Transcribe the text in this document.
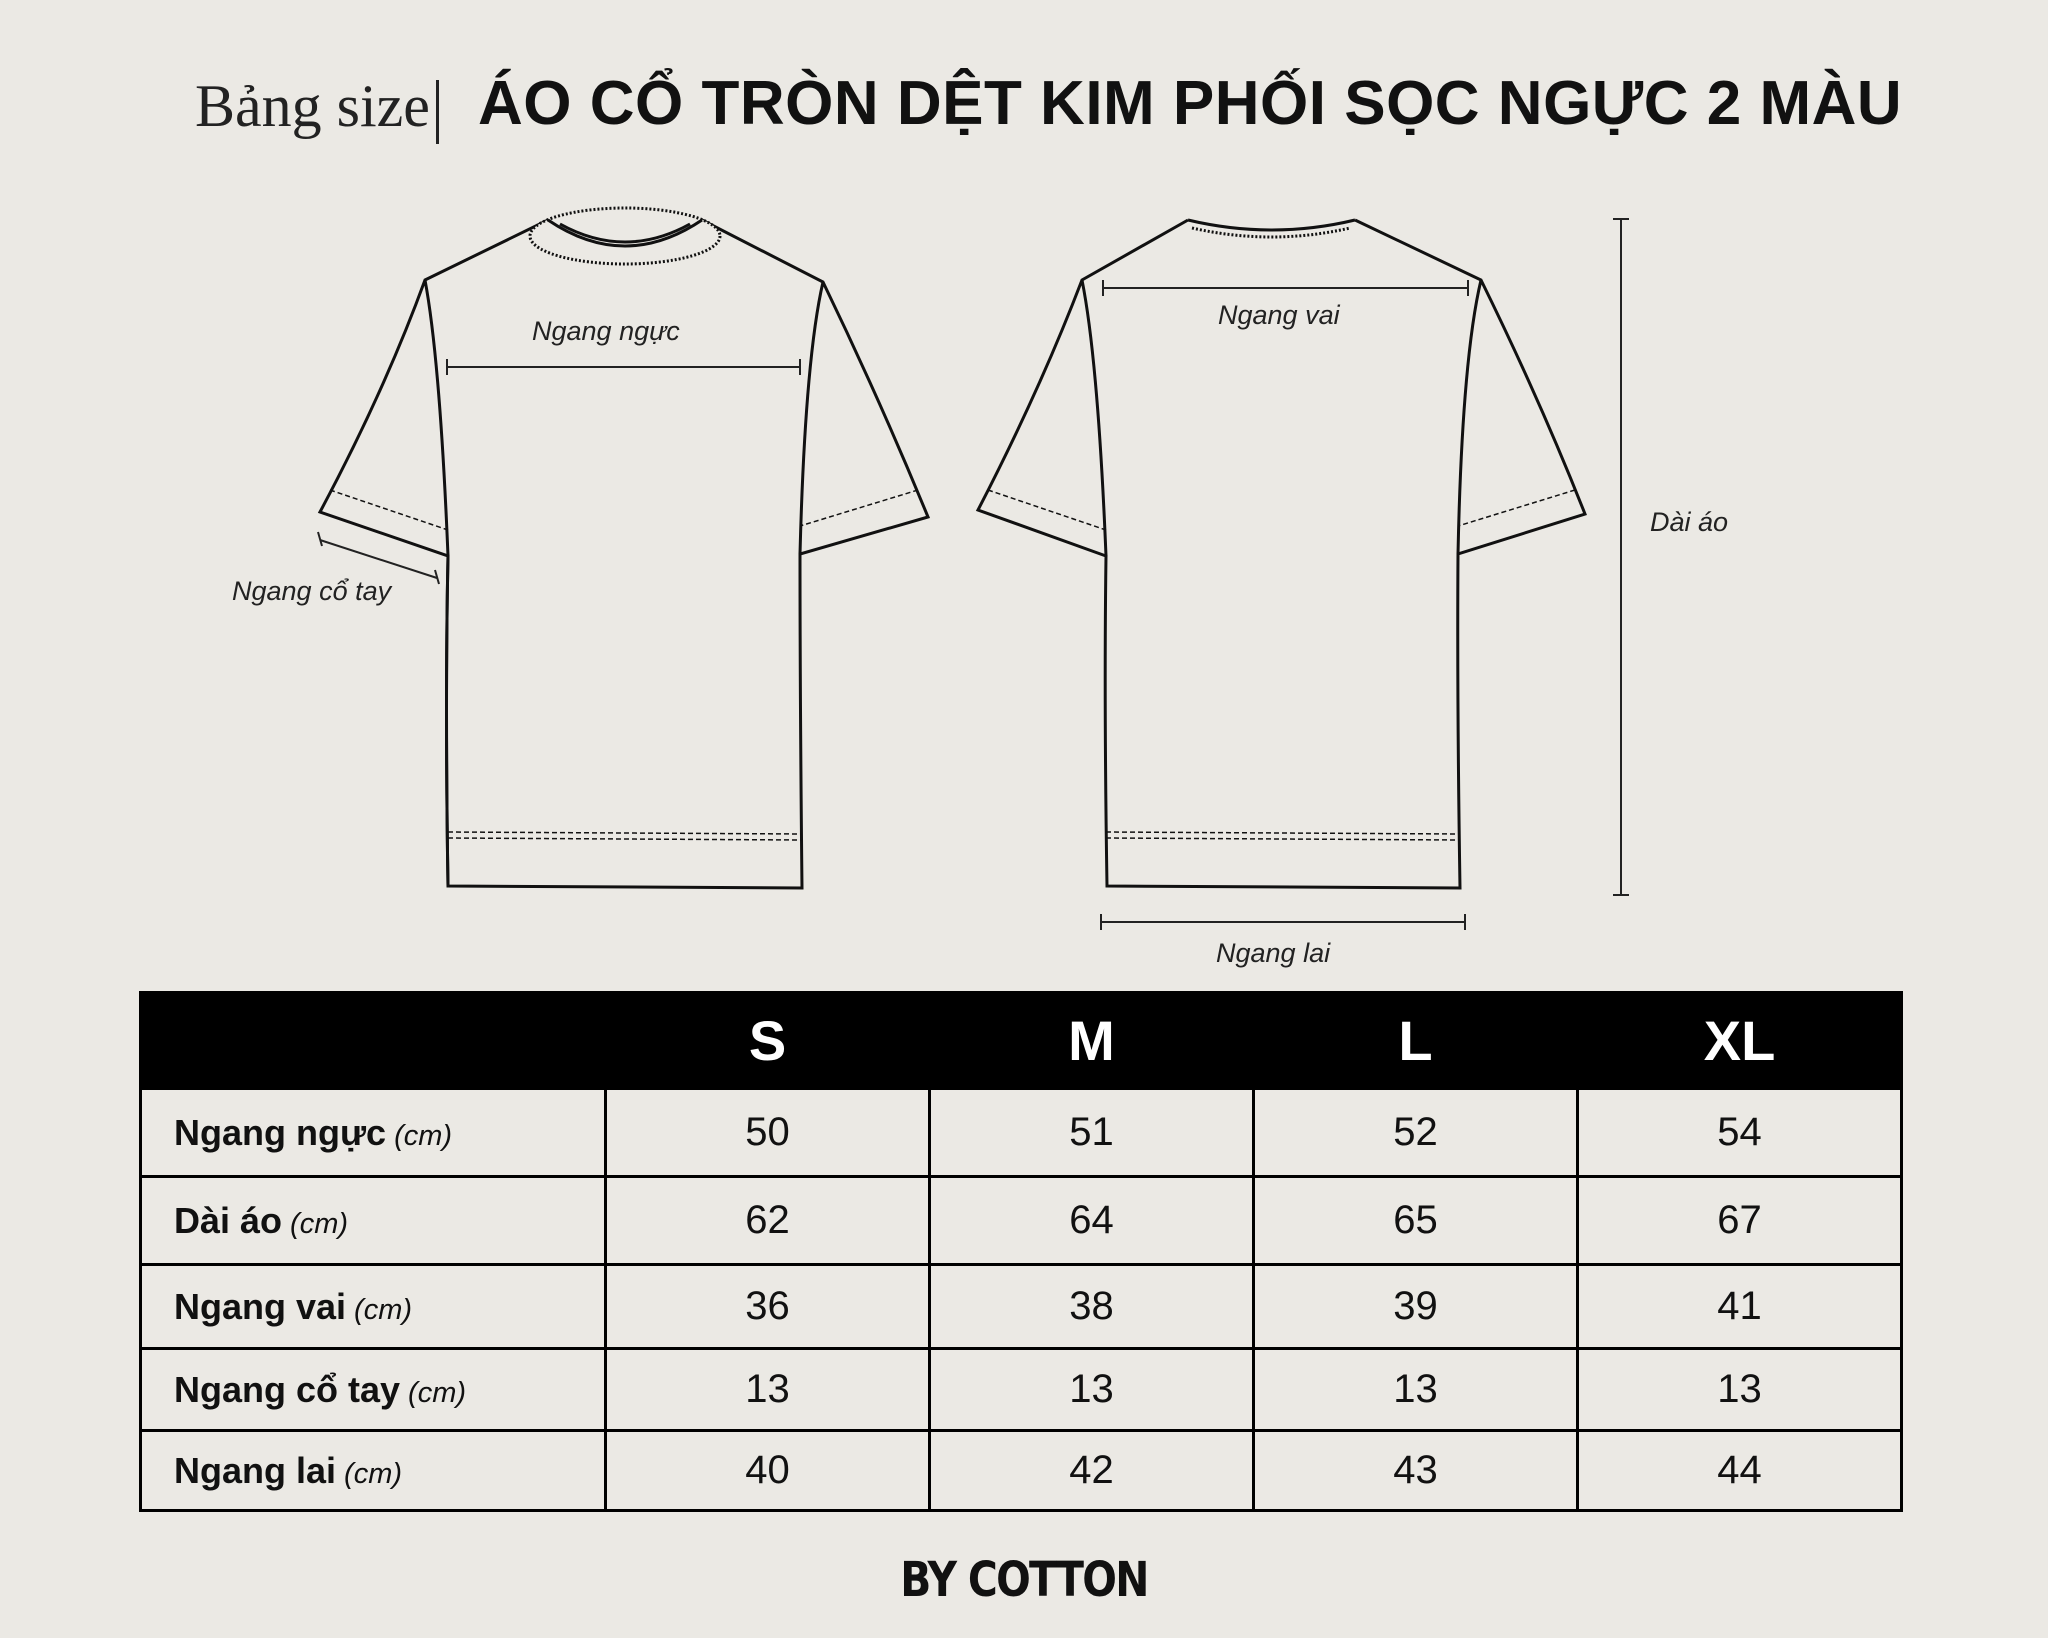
Bảng size ÁO CỔ TRÒN DỆT KIM PHỐI SỌC NGỰC 2 MÀU
Ngang ngực
Ngang cổ tay
Ngang vai
Dài áo
Ngang lai
	S	M	L	XL
Ngang ngực (cm)	50	51	52	54
Dài áo (cm)	62	64	65	67
Ngang vai (cm)	36	38	39	41
Ngang cổ tay (cm)	13	13	13	13
Ngang lai (cm)	40	42	43	44
BY COTTON
